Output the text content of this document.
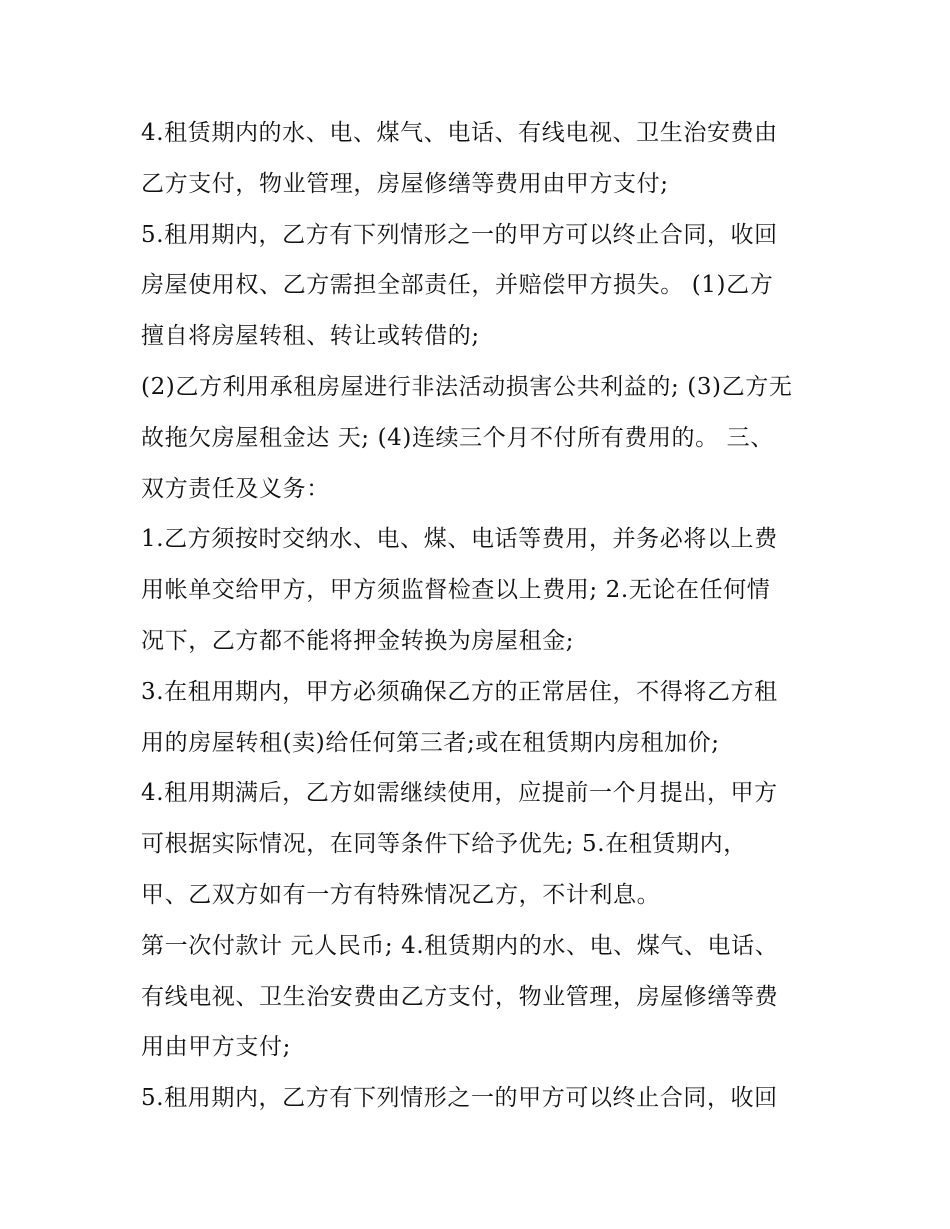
4.租赁期内的水、电、煤气、电话、有线电视、卫生治安费由
乙方支付，物业管理，房屋修缮等费用由甲方支付;
5.租用期内，乙方有下列情形之一的甲方可以终止合同，收回
房屋使用权、乙方需担全部责任，并赔偿甲方损失。 (1)乙方
擅自将房屋转租、转让或转借的;
(2)乙方利用承租房屋进行非法活动损害公共利益的; (3)乙方无
故拖欠房屋租金达 天; (4)连续三个月不付所有费用的。 三、
双方责任及义务：
1.乙方须按时交纳水、电、煤、电话等费用，并务必将以上费
用帐单交给甲方，甲方须监督检查以上费用; 2.无论在任何情
况下，乙方都不能将押金转换为房屋租金;
3.在租用期内，甲方必须确保乙方的正常居住，不得将乙方租
用的房屋转租(卖)给任何第三者;或在租赁期内房租加价;
4.租用期满后，乙方如需继续使用，应提前一个月提出，甲方
可根据实际情况，在同等条件下给予优先; 5.在租赁期内，
甲、乙双方如有一方有特殊情况乙方，不计利息。
第一次付款计 元人民币; 4.租赁期内的水、电、煤气、电话、
有线电视、卫生治安费由乙方支付，物业管理，房屋修缮等费
用由甲方支付;
5.租用期内，乙方有下列情形之一的甲方可以终止合同，收回
